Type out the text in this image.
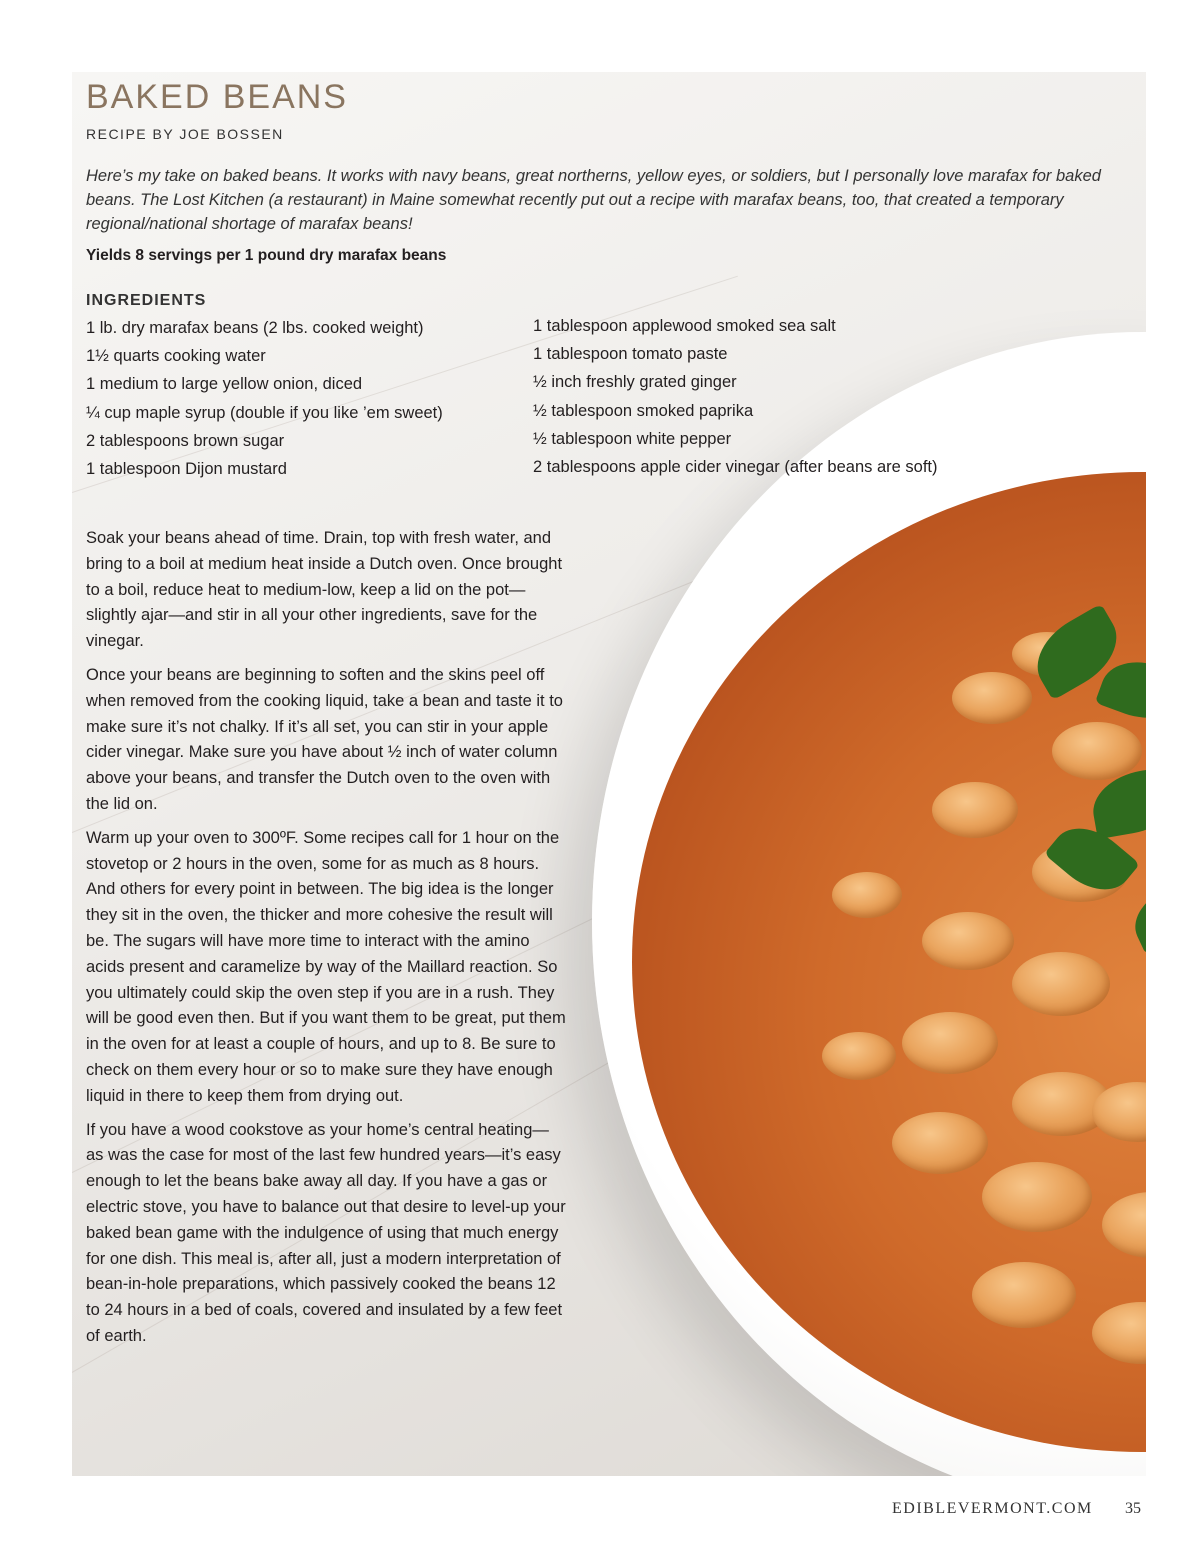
BAKED BEANS

RECIPE BY JOE BOSSEN

Here’s my take on baked beans. It works with navy beans, great northerns, yellow eyes, or soldiers, but I personally love marafax for baked beans. The Lost Kitchen (a restaurant) in Maine somewhat recently put out a recipe with marafax beans, too, that created a temporary regional/national shortage of marafax beans!

Yields 8 servings per 1 pound dry marafax beans

INGREDIENTS
1 lb. dry marafax beans (2 lbs. cooked weight)
1½ quarts cooking water
1 medium to large yellow onion, diced
¼ cup maple syrup (double if you like ’em sweet)
2 tablespoons brown sugar
1 tablespoon Dijon mustard
1 tablespoon applewood smoked sea salt
1 tablespoon tomato paste
½ inch freshly grated ginger
½ tablespoon smoked paprika
½ tablespoon white pepper
2 tablespoons apple cider vinegar (after beans are soft)

Soak your beans ahead of time. Drain, top with fresh water, and bring to a boil at medium heat inside a Dutch oven. Once brought to a boil, reduce heat to medium-low, keep a lid on the pot—slightly ajar—and stir in all your other ingredients, save for the vinegar.

Once your beans are beginning to soften and the skins peel off when removed from the cooking liquid, take a bean and taste it to make sure it’s not chalky. If it’s all set, you can stir in your apple cider vinegar. Make sure you have about ½ inch of water column above your beans, and transfer the Dutch oven to the oven with the lid on.

Warm up your oven to 300ºF. Some recipes call for 1 hour on the stovetop or 2 hours in the oven, some for as much as 8 hours. And others for every point in between. The big idea is the longer they sit in the oven, the thicker and more cohesive the result will be. The sugars will have more time to interact with the amino acids present and caramelize by way of the Maillard reaction. So you ultimately could skip the oven step if you are in a rush. They will be good even then. But if you want them to be great, put them in the oven for at least a couple of hours, and up to 8. Be sure to check on them every hour or so to make sure they have enough liquid in there to keep them from drying out.

If you have a wood cookstove as your home’s central heating—as was the case for most of the last few hundred years—it’s easy enough to let the beans bake away all day. If you have a gas or electric stove, you have to balance out that desire to level-up your baked bean game with the indulgence of using that much energy for one dish. This meal is, after all, just a modern interpretation of bean-in-hole preparations, which passively cooked the beans 12 to 24 hours in a bed of coals, covered and insulated by a few feet of earth.

EDIBLEVERMONT.COM 35
